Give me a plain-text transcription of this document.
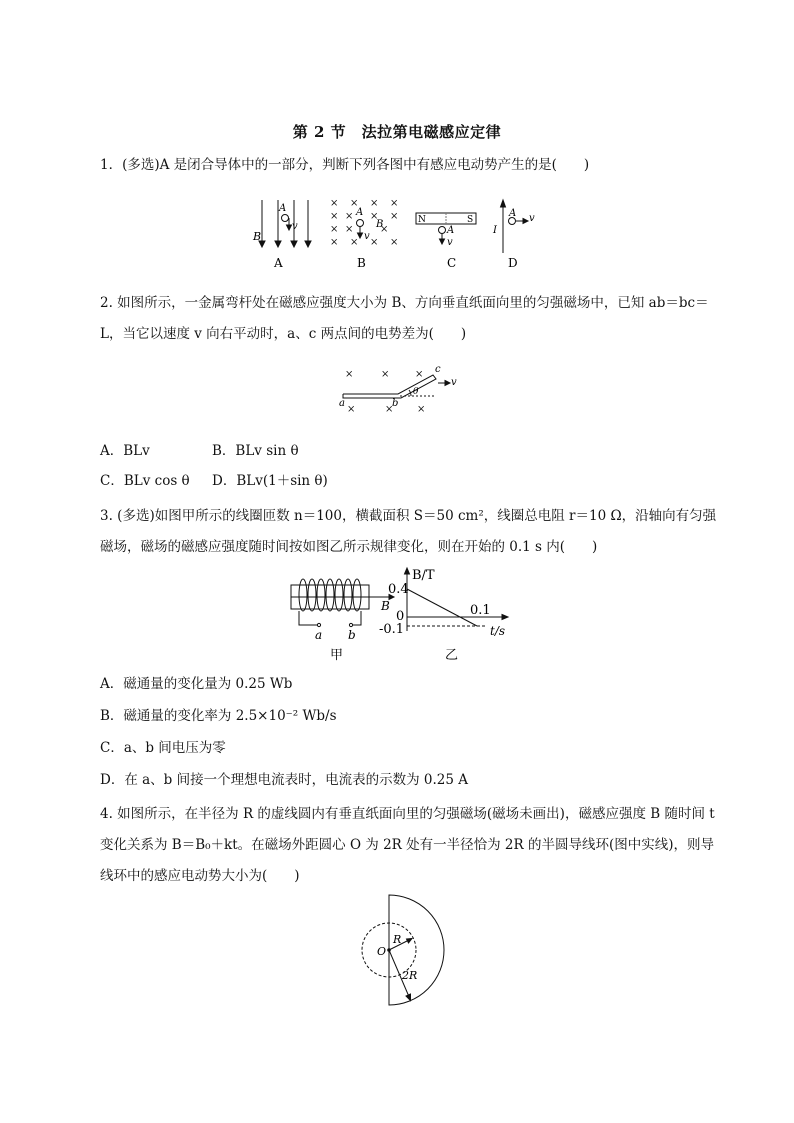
第 2 节　法拉第电磁感应定律
1．(多选)A 是闭合导体中的一部分，判断下列各图中有感应电动势产生的是(　　)
B
A
v
A
× × × ×
× × × ×
× ×	×
× × × ×
A
v
B
B
N	S
A
v
C
I
A v
D
2. 如图所示，一金属弯杆处在磁感应强度大小为 B、方向垂直纸面向里的匀强磁场中，已知 ab＝bc＝L，当它以速度 v 向右平动时，a、c 两点间的电势差为(　　)
×	×	×
×	× ×
a	b
c
v
θ
A．BLv	B．BLv sin θ
C．BLv cos θ D．BLv(1＋sin θ)
3. (多选)如图甲所示的线圈匝数 n＝100，横截面积 S＝50 cm²，线圈总电阻 r＝10 Ω，沿轴向有匀强磁场，磁场的磁感应强度随时间按如图乙所示规律变化，则在开始的 0.1 s 内(　　)
B
a b
甲
B/T
0.4
0
-0.1
0.1
t/s
乙
A．磁通量的变化量为 0.25 Wb
B．磁通量的变化率为 2.5×10⁻² Wb/s
C．a、b 间电压为零
D．在 a、b 间接一个理想电流表时，电流表的示数为 0.25 A
4. 如图所示，在半径为 R 的虚线圆内有垂直纸面向里的匀强磁场(磁场未画出)，磁感应强度 B 随时间 t 变化关系为 B＝B₀＋kt。在磁场外距圆心 O 为 2R 处有一半径恰为 2R 的半圆导线环(图中实线)，则导线环中的感应电动势大小为(　　)
O
R
2R
